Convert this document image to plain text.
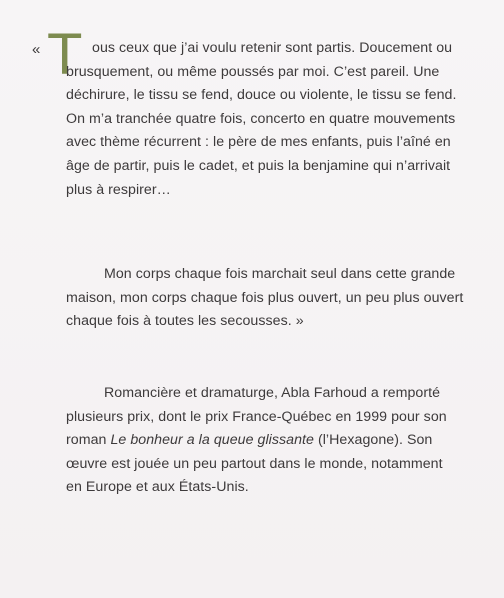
« T ous ceux que j’ai voulu retenir sont partis. Doucement ou
brusquement, ou même poussés par moi. C’est pareil. Une
déchirure, le tissu se fend, douce ou violente, le tissu se fend.
On m’a tranchée quatre fois, concerto en quatre mouvements
avec thème récurrent : le père de mes enfants, puis l’aîné en
âge de partir, puis le cadet, et puis la benjamine qui n’arrivait
plus à respirer…
Mon corps chaque fois marchait seul dans cette grande
maison, mon corps chaque fois plus ouvert, un peu plus ouvert
chaque fois à toutes les secousses. »
Romancière et dramaturge, Abla Farhoud a remporté
plusieurs prix, dont le prix France-Québec en 1999 pour son
roman Le bonheur a la queue glissante (l’Hexagone). Son
œuvre est jouée un peu partout dans le monde, notamment
en Europe et aux États-Unis.
